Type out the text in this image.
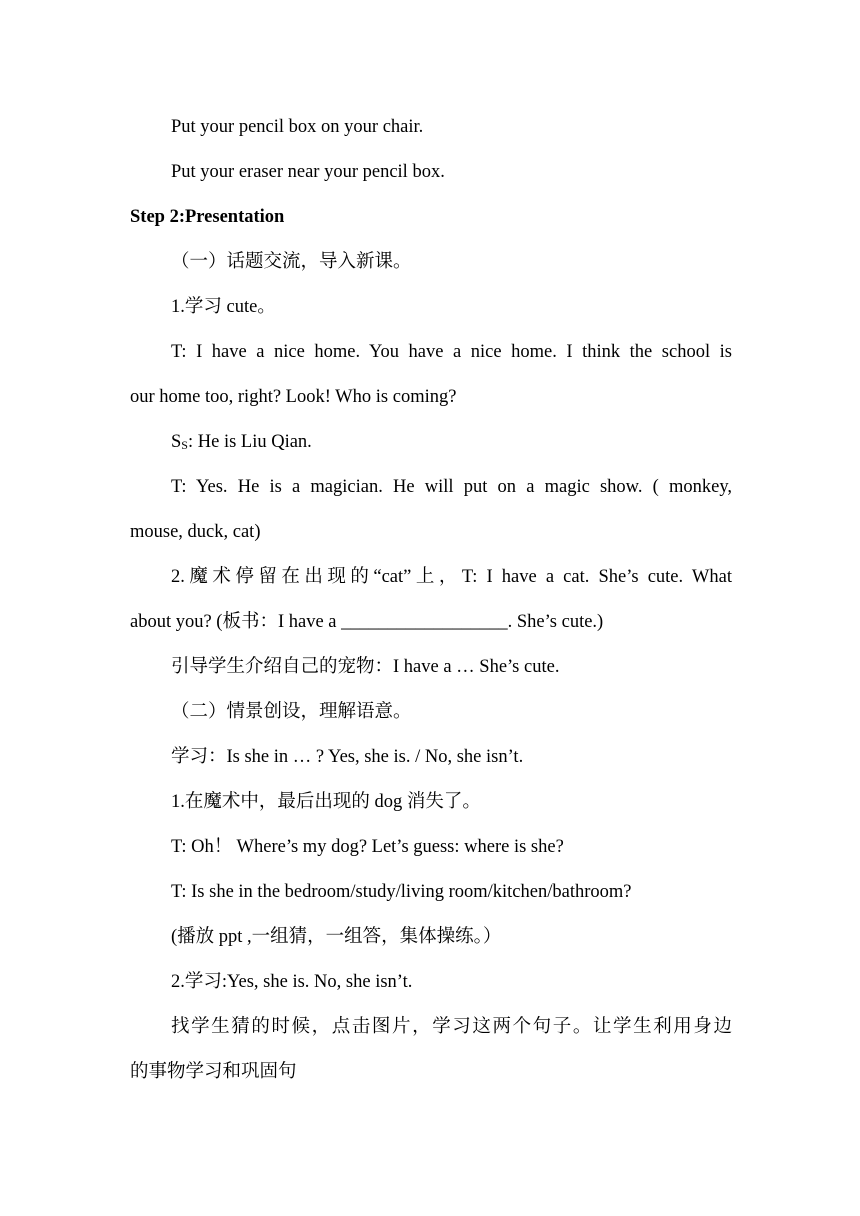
Put your pencil box on your chair.
Put your eraser near your pencil box.
Step 2:Presentation
（一）话题交流，导入新课。
1.学习 cute。
T: I have a nice home. You have a nice home. I think the school is
our home too, right? Look! Who is coming?
SS: He is Liu Qian.
T: Yes. He is a magician. He will put on a magic show. ( monkey,
mouse, duck, cat)
2.魔术停留在出现的“cat”上，T: I have a cat. She’s cute. What
about you? (板书：I have a __________________. She’s cute.)
引导学生介绍自己的宠物：I have a … She’s cute.
（二）情景创设，理解语意。
学习：Is she in … ? Yes, she is. / No, she isn’t.
1.在魔术中，最后出现的 dog 消失了。
T: Oh！ Where’s my dog? Let’s guess: where is she?
T: Is she in the bedroom/study/living room/kitchen/bathroom?
(播放 ppt ,一组猜，一组答，集体操练。）
2.学习:Yes, she is. No, she isn’t.
找学生猜的时候，点击图片，学习这两个句子。让学生利用身边
的事物学习和巩固句
